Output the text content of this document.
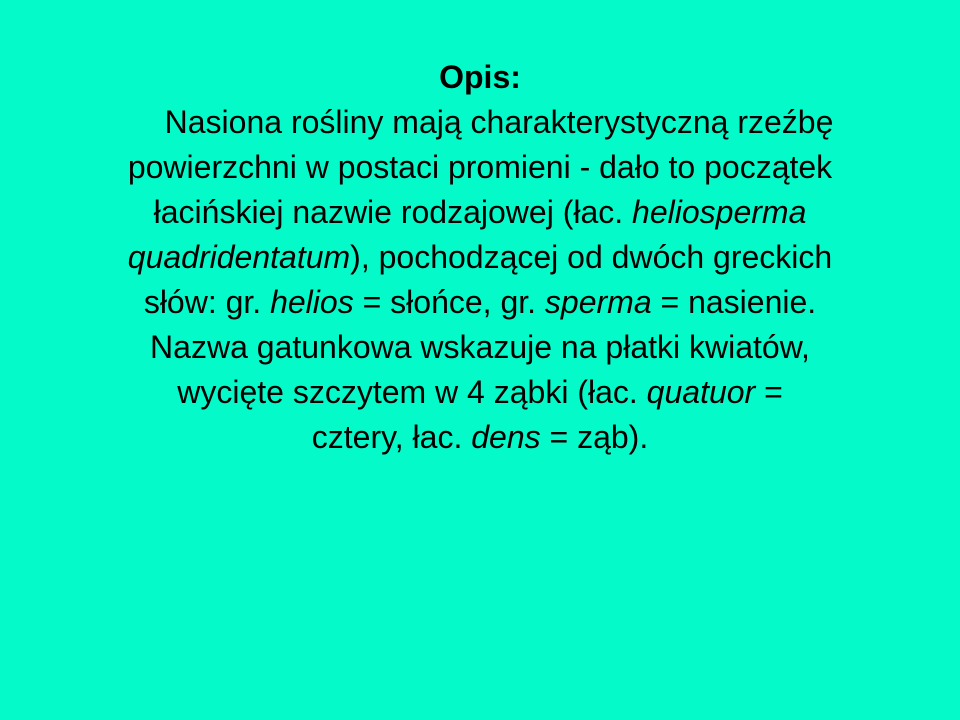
Opis:
Nasiona rośliny mają charakterystyczną rzeźbę
powierzchni w postaci promieni - dało to początek
łacińskiej nazwie rodzajowej (łac. heliosperma
quadridentatum), pochodzącej od dwóch greckich
słów: gr. helios = słońce, gr. sperma = nasienie.
Nazwa gatunkowa wskazuje na płatki kwiatów,
wycięte szczytem w 4 ząbki (łac. quatuor =
cztery, łac. dens = ząb).
